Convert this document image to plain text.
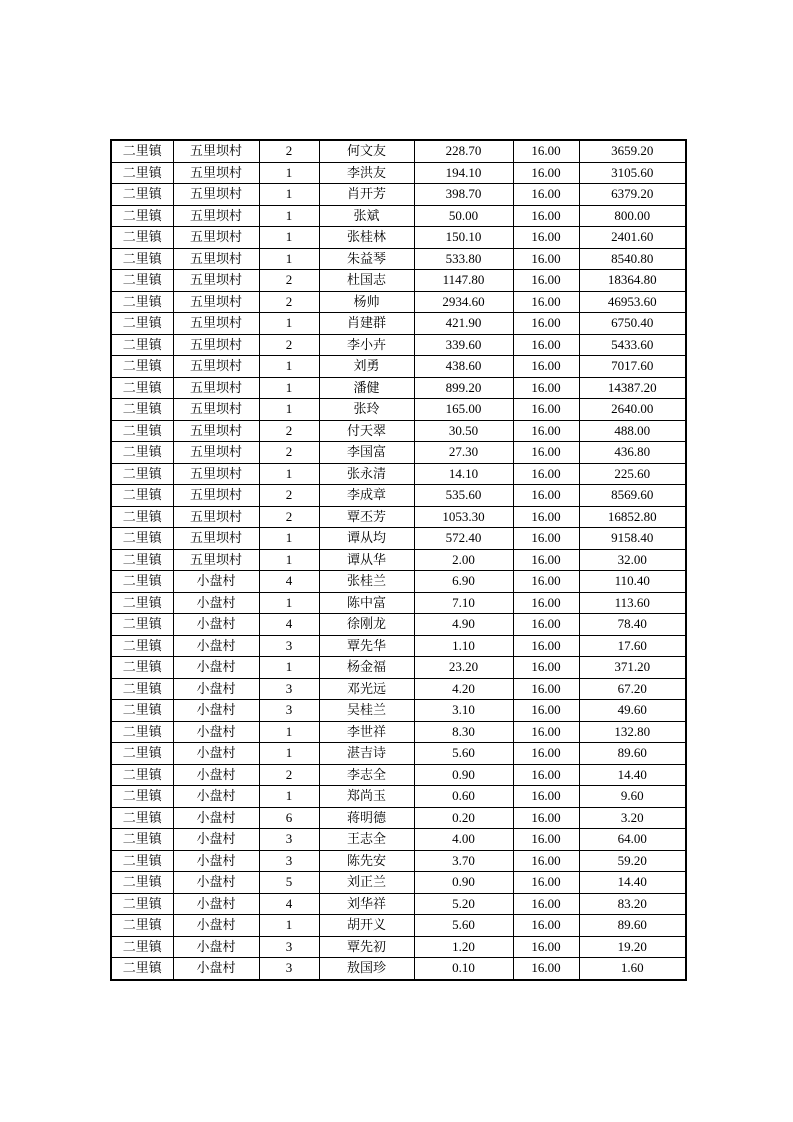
二里镇	五里坝村	2	何文友	228.70	16.00	3659.20
二里镇	五里坝村	1	李洪友	194.10	16.00	3105.60
二里镇	五里坝村	1	肖开芳	398.70	16.00	6379.20
二里镇	五里坝村	1	张斌	50.00	16.00	800.00
二里镇	五里坝村	1	张桂林	150.10	16.00	2401.60
二里镇	五里坝村	1	朱益琴	533.80	16.00	8540.80
二里镇	五里坝村	2	杜国志	1147.80	16.00	18364.80
二里镇	五里坝村	2	杨帅	2934.60	16.00	46953.60
二里镇	五里坝村	1	肖建群	421.90	16.00	6750.40
二里镇	五里坝村	2	李小卉	339.60	16.00	5433.60
二里镇	五里坝村	1	刘勇	438.60	16.00	7017.60
二里镇	五里坝村	1	潘健	899.20	16.00	14387.20
二里镇	五里坝村	1	张玲	165.00	16.00	2640.00
二里镇	五里坝村	2	付天翠	30.50	16.00	488.00
二里镇	五里坝村	2	李国富	27.30	16.00	436.80
二里镇	五里坝村	1	张永清	14.10	16.00	225.60
二里镇	五里坝村	2	李成章	535.60	16.00	8569.60
二里镇	五里坝村	2	覃丕芳	1053.30	16.00	16852.80
二里镇	五里坝村	1	谭从均	572.40	16.00	9158.40
二里镇	五里坝村	1	谭从华	2.00	16.00	32.00
二里镇	小盘村	4	张桂兰	6.90	16.00	110.40
二里镇	小盘村	1	陈中富	7.10	16.00	113.60
二里镇	小盘村	4	徐刚龙	4.90	16.00	78.40
二里镇	小盘村	3	覃先华	1.10	16.00	17.60
二里镇	小盘村	1	杨金福	23.20	16.00	371.20
二里镇	小盘村	3	邓光远	4.20	16.00	67.20
二里镇	小盘村	3	吴桂兰	3.10	16.00	49.60
二里镇	小盘村	1	李世祥	8.30	16.00	132.80
二里镇	小盘村	1	湛吉诗	5.60	16.00	89.60
二里镇	小盘村	2	李志全	0.90	16.00	14.40
二里镇	小盘村	1	郑尚玉	0.60	16.00	9.60
二里镇	小盘村	6	蒋明德	0.20	16.00	3.20
二里镇	小盘村	3	王志全	4.00	16.00	64.00
二里镇	小盘村	3	陈先安	3.70	16.00	59.20
二里镇	小盘村	5	刘正兰	0.90	16.00	14.40
二里镇	小盘村	4	刘华祥	5.20	16.00	83.20
二里镇	小盘村	1	胡开义	5.60	16.00	89.60
二里镇	小盘村	3	覃先初	1.20	16.00	19.20
二里镇	小盘村	3	敖国珍	0.10	16.00	1.60
